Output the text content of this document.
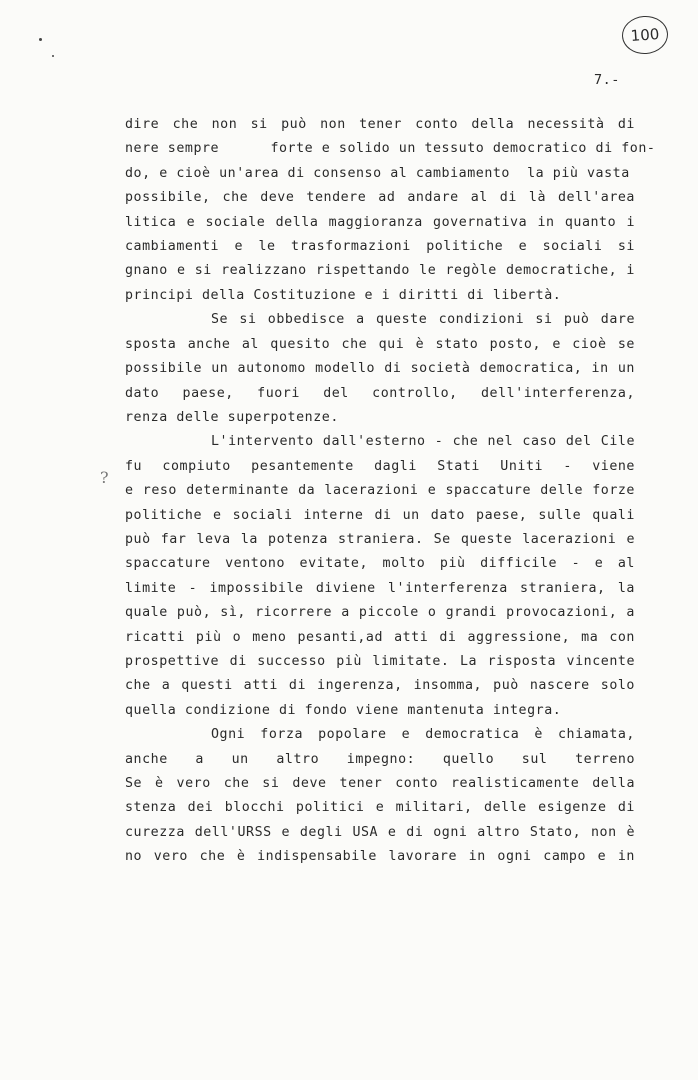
100
7.-
?
dire che non si può non tener conto della necessità di
nere sempre      forte e solido un tessuto democratico di fon-
do, e cioè un'area di consenso al cambiamento  la più vasta
possibile, che deve tendere ad andare al di là dell'area
litica e sociale della maggioranza governativa in quanto i
cambiamenti e le trasformazioni politiche e sociali si
gnano e si realizzano rispettando le regòle democratiche, i
principi della Costituzione e i diritti di libertà.
Se si obbedisce a queste condizioni si può dare
sposta anche al quesito che qui è stato posto, e cioè se
possibile un autonomo modello di società democratica, in un
dato paese, fuori del controllo, dell'interferenza,
renza delle superpotenze.
L'intervento dall'esterno - che nel caso del Cile
fu compiuto pesantemente dagli Stati Uniti - viene
e reso determinante da lacerazioni e spaccature delle forze
politiche e sociali interne di un dato paese, sulle quali
può far leva la potenza straniera. Se queste lacerazioni e
spaccature ventono evitate, molto più difficile - e al
limite - impossibile diviene l'interferenza straniera, la
quale può, sì, ricorrere a piccole o grandi provocazioni, a
ricatti più o meno pesanti,ad atti di aggressione, ma con
prospettive di successo più limitate. La risposta vincente
che a questi atti di ingerenza, insomma, può nascere solo
quella condizione di fondo viene mantenuta integra.
Ogni forza popolare e democratica è chiamata,
anche a un altro impegno: quello sul terreno
Se è vero che si deve tener conto realisticamente della
stenza dei blocchi politici e militari, delle esigenze di
curezza dell'URSS e degli USA e di ogni altro Stato, non è
no vero che è indispensabile lavorare in ogni campo e in
